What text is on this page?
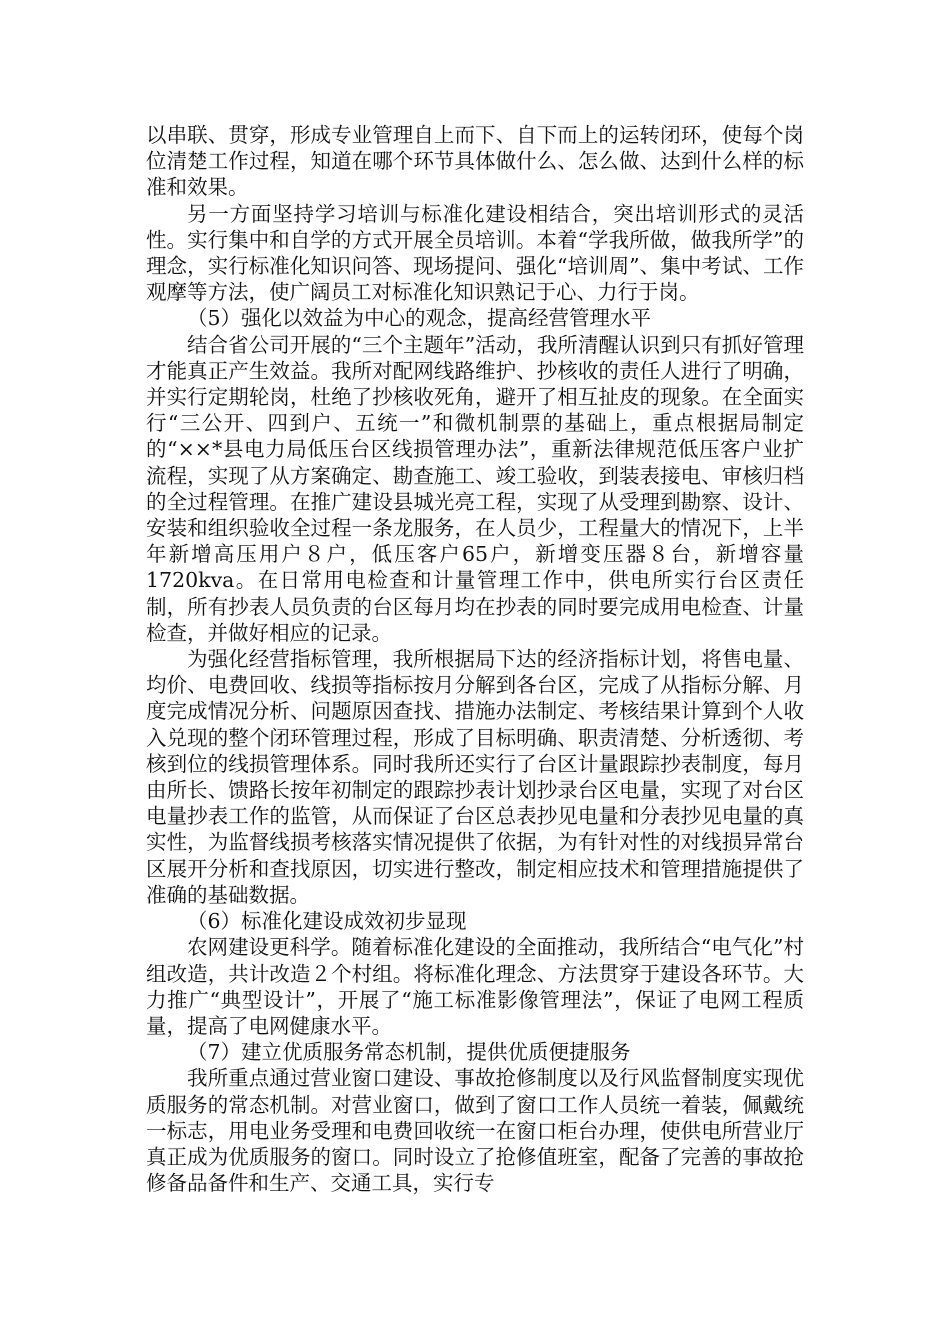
以串联、贯穿，形成专业管理自上而下、自下而上的运转闭环，使每个岗位清楚工作过程，知道在哪个环节具体做什么、怎么做、达到什么样的标准和效果。

另一方面坚持学习培训与标准化建设相结合，突出培训形式的灵活性。实行集中和自学的方式开展全员培训。本着“学我所做，做我所学”的理念，实行标准化知识问答、现场提问、强化“培训周”、集中考试、工作观摩等方法，使广阔员工对标准化知识熟记于心、力行于岗。

（5）强化以效益为中心的观念，提高经营管理水平

结合省公司开展的“三个主题年”活动，我所清醒认识到只有抓好管理才能真正产生效益。我所对配网线路维护、抄核收的责任人进行了明确，并实行定期轮岗，杜绝了抄核收死角，避开了相互扯皮的现象。在全面实行“三公开、四到户、五统一”和微机制票的基础上，重点根据局制定的“××*县电力局低压台区线损管理办法”，重新法律规范低压客户业扩流程，实现了从方案确定、勘查施工、竣工验收，到装表接电、审核归档的全过程管理。在推广建设县城光亮工程，实现了从受理到勘察、设计、安装和组织验收全过程一条龙服务，在人员少，工程量大的情况下，上半年新增高压用户８户，低压客户65户，新增变压器８台，新增容量1720kva。在日常用电检查和计量管理工作中，供电所实行台区责任制，所有抄表人员负责的台区每月均在抄表的同时要完成用电检查、计量检查，并做好相应的记录。

为强化经营指标管理，我所根据局下达的经济指标计划，将售电量、均价、电费回收、线损等指标按月分解到各台区，完成了从指标分解、月度完成情况分析、问题原因查找、措施办法制定、考核结果计算到个人收入兑现的整个闭环管理过程，形成了目标明确、职责清楚、分析透彻、考核到位的线损管理体系。同时我所还实行了台区计量跟踪抄表制度，每月由所长、馈路长按年初制定的跟踪抄表计划抄录台区电量，实现了对台区电量抄表工作的监管，从而保证了台区总表抄见电量和分表抄见电量的真实性，为监督线损考核落实情况提供了依据，为有针对性的对线损异常台区展开分析和查找原因，切实进行整改，制定相应技术和管理措施提供了准确的基础数据。

（6）标准化建设成效初步显现

农网建设更科学。随着标准化建设的全面推动，我所结合“电气化”村组改造，共计改造２个村组。将标准化理念、方法贯穿于建设各环节。大力推广“典型设计”，开展了“施工标准影像管理法”，保证了电网工程质量，提高了电网健康水平。

（7）建立优质服务常态机制，提供优质便捷服务

我所重点通过营业窗口建设、事故抢修制度以及行风监督制度实现优质服务的常态机制。对营业窗口，做到了窗口工作人员统一着装，佩戴统一标志，用电业务受理和电费回收统一在窗口柜台办理，使供电所营业厅真正成为优质服务的窗口。同时设立了抢修值班室，配备了完善的事故抢修备品备件和生产、交通工具，实行专
